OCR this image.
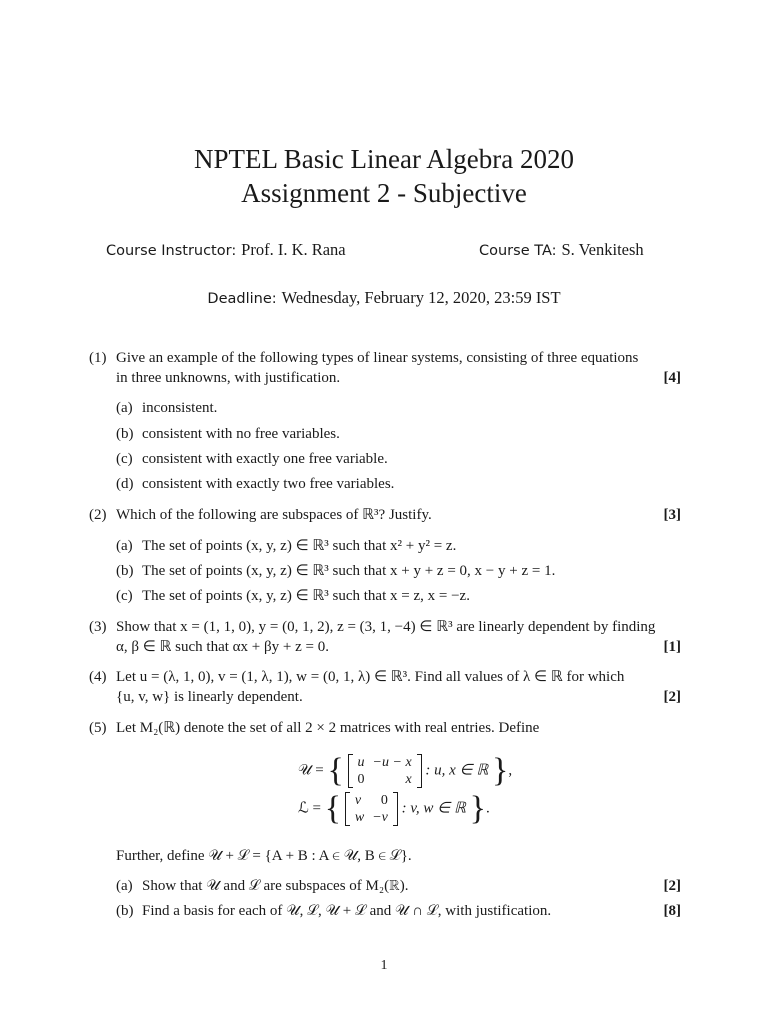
NPTEL Basic Linear Algebra 2020
Assignment 2 - Subjective
Course Instructor: Prof. I. K. Rana	Course TA: S. Venkitesh
Deadline: Wednesday, February 12, 2020, 23:59 IST
(1) Give an example of the following types of linear systems, consisting of three equations
in three unknowns, with justification.	[4]
(a) inconsistent.
(b) consistent with no free variables.
(c) consistent with exactly one free variable.
(d) consistent with exactly two free variables.
(2) Which of the following are subspaces of ℝ³? Justify.	[3]
(a) The set of points (x, y, z) ∈ ℝ³ such that x² + y² = z.
(b) The set of points (x, y, z) ∈ ℝ³ such that x + y + z = 0, x − y + z = 1.
(c) The set of points (x, y, z) ∈ ℝ³ such that x = z, x = −z.
(3) Show that x = (1, 1, 0), y = (0, 1, 2), z = (3, 1, −4) ∈ ℝ³ are linearly dependent by finding
α, β ∈ ℝ such that αx + βy + z = 0.	[1]
(4) Let u = (λ, 1, 0), v = (1, λ, 1), w = (0, 1, λ) ∈ ℝ³. Find all values of λ ∈ ℝ for which
{u, v, w} is linearly dependent.	[2]
(5) Let M₂(ℝ) denote the set of all 2 × 2 matrices with real entries. Define
𝒰 = { u	−u − x
0	x
: u, x ∈ ℝ },
ℒ = { v	0
w	−v
: v, w ∈ ℝ }.
Further, define 𝒰 + ℒ = {A + B : A ∈ 𝒰, B ∈ ℒ}.
(a) Show that 𝒰 and ℒ are subspaces of M₂(ℝ).	[2]
(b) Find a basis for each of 𝒰, ℒ, 𝒰 + ℒ and 𝒰 ∩ ℒ, with justification.	[8]
1
